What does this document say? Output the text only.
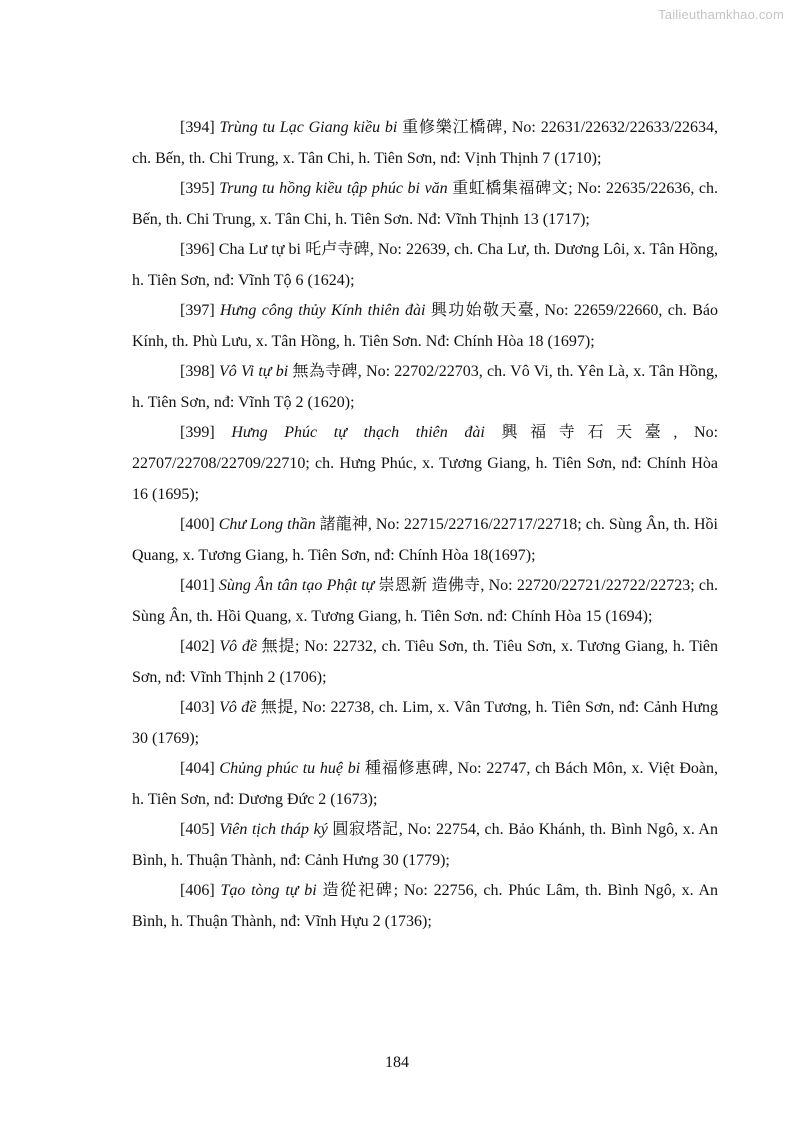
Tailieuthamkhao.com

[394] Trùng tu Lạc Giang kiều bi 重修樂江橋碑, No: 22631/22632/22633/22634, ch. Bến, th. Chi Trung, x. Tân Chi, h. Tiên Sơn, nđ: Vịnh Thịnh 7 (1710);

[395] Trung tu hồng kiều tập phúc bi văn 重虹橋集福碑文; No: 22635/22636, ch. Bến, th. Chi Trung, x. Tân Chi, h. Tiên Sơn. Nđ: Vĩnh Thịnh 13 (1717);

[396] Cha Lư tự bi 吒卢寺碑, No: 22639, ch. Cha Lư, th. Dương Lôi, x. Tân Hồng, h. Tiên Sơn, nđ: Vĩnh Tộ 6 (1624);

[397] Hưng công thủy Kính thiên đài 興功始敬天臺, No: 22659/22660, ch. Báo Kính, th. Phù Lưu, x. Tân Hồng, h. Tiên Sơn. Nđ: Chính Hòa 18 (1697);

[398] Vô Vi tự bi 無為寺碑, No: 22702/22703, ch. Vô Vi, th. Yên Là, x. Tân Hồng, h. Tiên Sơn, nđ: Vĩnh Tộ 2 (1620);

[399] Hưng Phúc tự thạch thiên đài 興福寺石天臺, No: 22707/22708/22709/22710; ch. Hưng Phúc, x. Tương Giang, h. Tiên Sơn, nđ: Chính Hòa 16 (1695);

[400] Chư Long thần 諸龍神, No: 22715/22716/22717/22718; ch. Sùng Ân, th. Hồi Quang, x. Tương Giang, h. Tiên Sơn, nđ: Chính Hòa 18(1697);

[401] Sùng Ân tân tạo Phật tự 崇恩新 造佛寺, No: 22720/22721/22722/22723; ch. Sùng Ân, th. Hồi Quang, x. Tương Giang, h. Tiên Sơn. nđ: Chính Hòa 15 (1694);

[402] Vô đề 無提; No: 22732, ch. Tiêu Sơn, th. Tiêu Sơn, x. Tương Giang, h. Tiên Sơn, nđ: Vĩnh Thịnh 2 (1706);

[403] Vô đề 無提, No: 22738, ch. Lim, x. Vân Tương, h. Tiên Sơn, nđ: Cảnh Hưng 30 (1769);

[404] Chủng phúc tu huệ bi 種福修惠碑, No: 22747, ch Bách Môn, x. Việt Đoàn, h. Tiên Sơn, nđ: Dương Đức 2 (1673);

[405] Viên tịch tháp ký 圓寂塔記, No: 22754, ch. Bảo Khánh, th. Bình Ngô, x. An Bình, h. Thuận Thành, nđ: Cảnh Hưng 30 (1779);

[406] Tạo tòng tự bi 造從祀碑; No: 22756, ch. Phúc Lâm, th. Bình Ngô, x. An Bình, h. Thuận Thành, nđ: Vĩnh Hựu 2 (1736);

184
